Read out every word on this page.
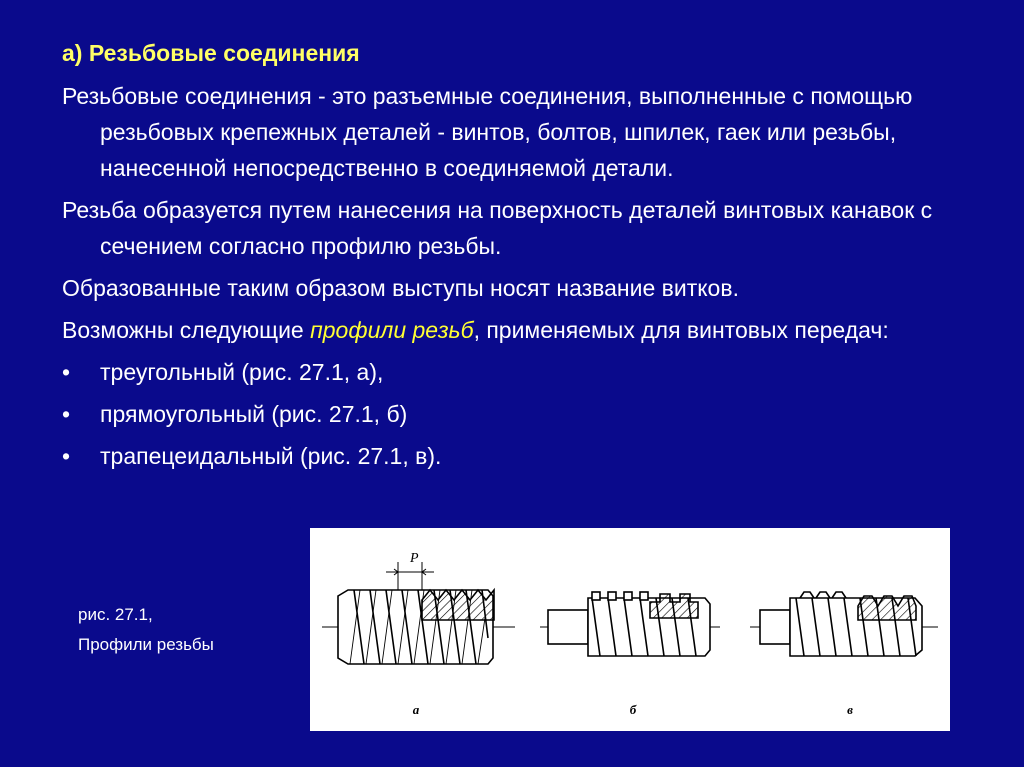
а) Резьбовые соединения

Резьбовые соединения - это разъемные соединения, выполненные с помощью резьбовых крепежных деталей - винтов, болтов, шпилек, гаек или резьбы, нанесенной непосредственно в соединяемой детали.

Резьба образуется путем нанесения на поверхность деталей винтовых канавок с сечением согласно профилю резьбы.

Образованные таким образом выступы носят название витков.

Возможны следующие профили резьб, применяемых для винтовых передач:

• треугольный (рис. 27.1, а),
• прямоугольный (рис. 27.1, б)
• трапецеидальный (рис. 27.1, в).
рис. 27.1,
Профили резьбы
P
а	б	в
